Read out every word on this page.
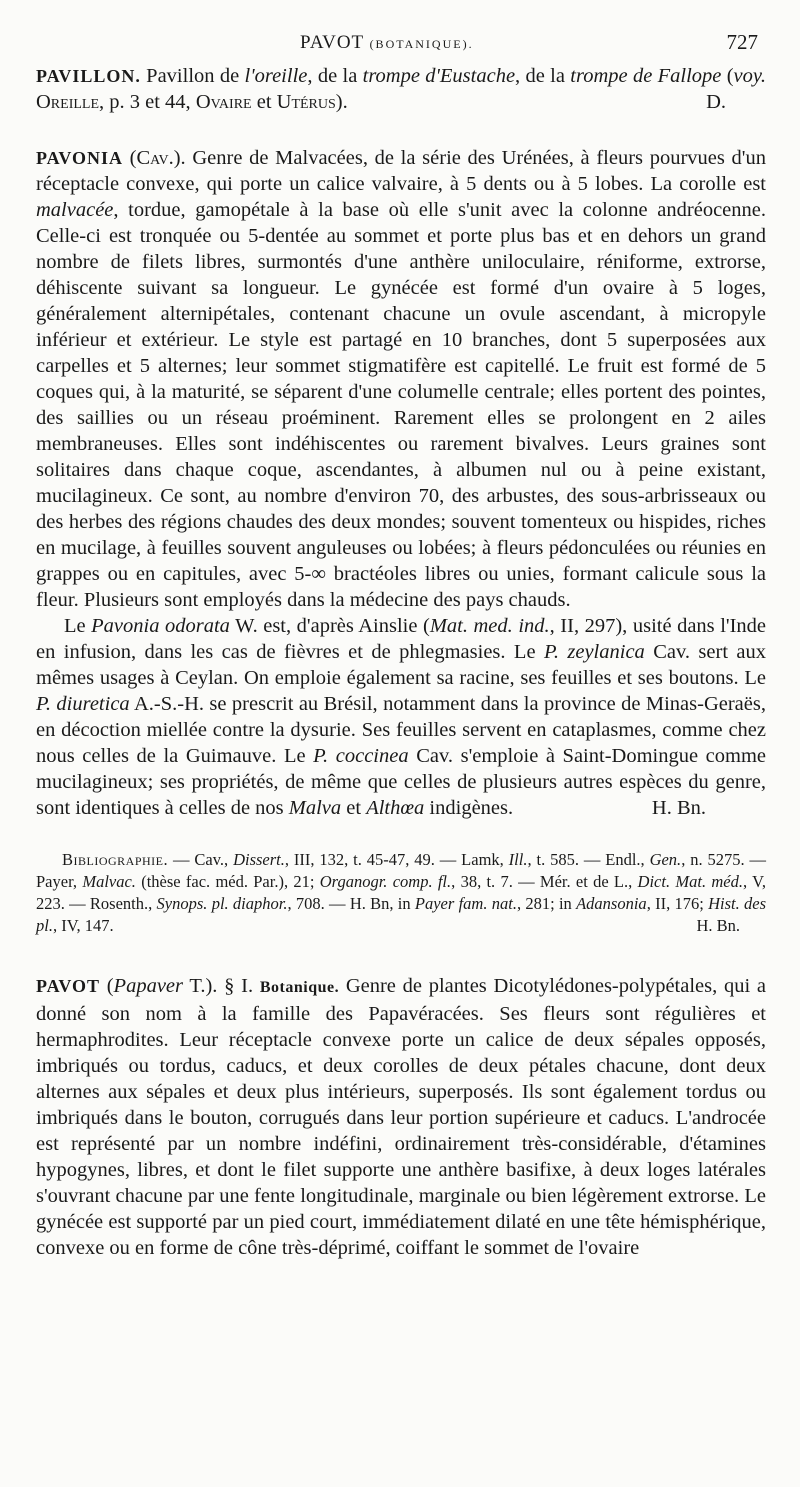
PAVOT (BOTANIQUE).	727

PAVILLON. Pavillon de l'oreille, de la trompe d'Eustache, de la trompe de Fallope (voy. Oreille, p. 3 et 44, Ovaire et Utérus).	D.

PAVONIA (Cav.). Genre de Malvacées, de la série des Urénées, à fleurs pourvues d'un réceptacle convexe, qui porte un calice valvaire, à 5 dents ou à 5 lobes. La corolle est malvacée, tordue, gamopétale à la base où elle s'unit avec la colonne andréocenne. Celle-ci est tronquée ou 5-dentée au sommet et porte plus bas et en dehors un grand nombre de filets libres, surmontés d'une anthère uniloculaire, réniforme, extrorse, déhiscente suivant sa longueur. Le gynécée est formé d'un ovaire à 5 loges, généralement alternipétales, contenant chacune un ovule ascendant, à micropyle inférieur et extérieur. Le style est partagé en 10 branches, dont 5 superposées aux carpelles et 5 alternes; leur sommet stigmatifère est capitellé. Le fruit est formé de 5 coques qui, à la maturité, se séparent d'une columelle centrale; elles portent des pointes, des saillies ou un réseau proéminent. Rarement elles se prolongent en 2 ailes membraneuses. Elles sont indéhiscentes ou rarement bivalves. Leurs graines sont solitaires dans chaque coque, ascendantes, à albumen nul ou à peine existant, mucilagineux. Ce sont, au nombre d'environ 70, des arbustes, des sous-arbrisseaux ou des herbes des régions chaudes des deux mondes; souvent tomenteux ou hispides, riches en mucilage, à feuilles souvent anguleuses ou lobées; à fleurs pédonculées ou réunies en grappes ou en capitules, avec 5-∞ bractéoles libres ou unies, formant calicule sous la fleur. Plusieurs sont employés dans la médecine des pays chauds.

Le Pavonia odorata W. est, d'après Ainslie (Mat. med. ind., II, 297), usité dans l'Inde en infusion, dans les cas de fièvres et de phlegmasies. Le P. zeylanica Cav. sert aux mêmes usages à Ceylan. On emploie également sa racine, ses feuilles et ses boutons. Le P. diuretica A.-S.-H. se prescrit au Brésil, notamment dans la province de Minas-Geraës, en décoction miellée contre la dysurie. Ses feuilles servent en cataplasmes, comme chez nous celles de la Guimauve. Le P. coccinea Cav. s'emploie à Saint-Domingue comme mucilagineux; ses propriétés, de même que celles de plusieurs autres espèces du genre, sont identiques à celles de nos Malva et Althœa indigènes.	H. Bn.

Bibliographie. — Cav., Dissert., III, 132, t. 45-47, 49. — Lamk, Ill., t. 585. — Endl., Gen., n. 5275. — Payer, Malvac. (thèse fac. méd. Par.), 21; Organogr. comp. fl., 38, t. 7. — Mér. et de L., Dict. Mat. méd., V, 223. — Rosenth., Synops. pl. diaphor., 708. — H. Bn, in Payer fam. nat., 281; in Adansonia, II, 176; Hist. des pl., IV, 147.	H. Bn.

PAVOT (Papaver T.). § I. Botanique. Genre de plantes Dicotylédones-polypétales, qui a donné son nom à la famille des Papavéracées. Ses fleurs sont régulières et hermaphrodites. Leur réceptacle convexe porte un calice de deux sépales opposés, imbriqués ou tordus, caducs, et deux corolles de deux pétales chacune, dont deux alternes aux sépales et deux plus intérieurs, superposés. Ils sont également tordus ou imbriqués dans le bouton, corrugués dans leur portion supérieure et caducs. L'androcée est représenté par un nombre indéfini, ordinairement très-considérable, d'étamines hypogynes, libres, et dont le filet supporte une anthère basifixe, à deux loges latérales s'ouvrant chacune par une fente longitudinale, marginale ou bien légèrement extrorse. Le gynécée est supporté par un pied court, immédiatement dilaté en une tête hémisphérique, convexe ou en forme de cône très-déprimé, coiffant le sommet de l'ovaire
